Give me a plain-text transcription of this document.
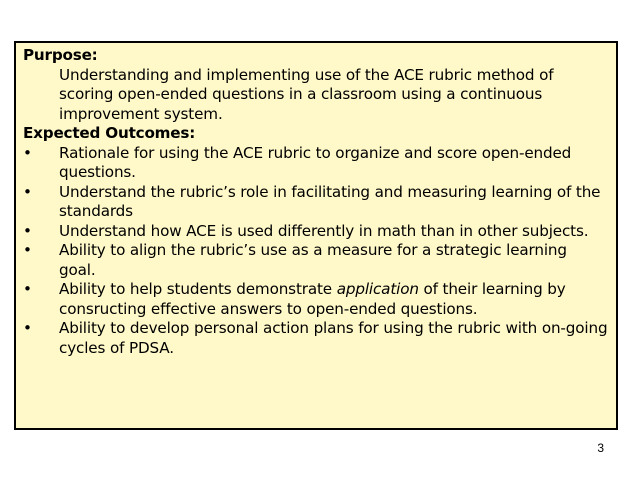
Purpose:
Understanding and implementing use of the ACE rubric method of scoring open-ended questions in a classroom using a continuous improvement system.
Expected Outcomes:
• Rationale for using the ACE rubric to organize and score open-ended questions.
• Understand the rubric’s role in facilitating and measuring learning of the standards
• Understand how ACE is used differently in math than in other subjects.
• Ability to align the rubric’s use as a measure for a strategic learning goal.
• Ability to help students demonstrate application of their learning by consructing effective answers to open-ended questions.
• Ability to develop personal action plans for using the rubric with on-going cycles of PDSA.
3
